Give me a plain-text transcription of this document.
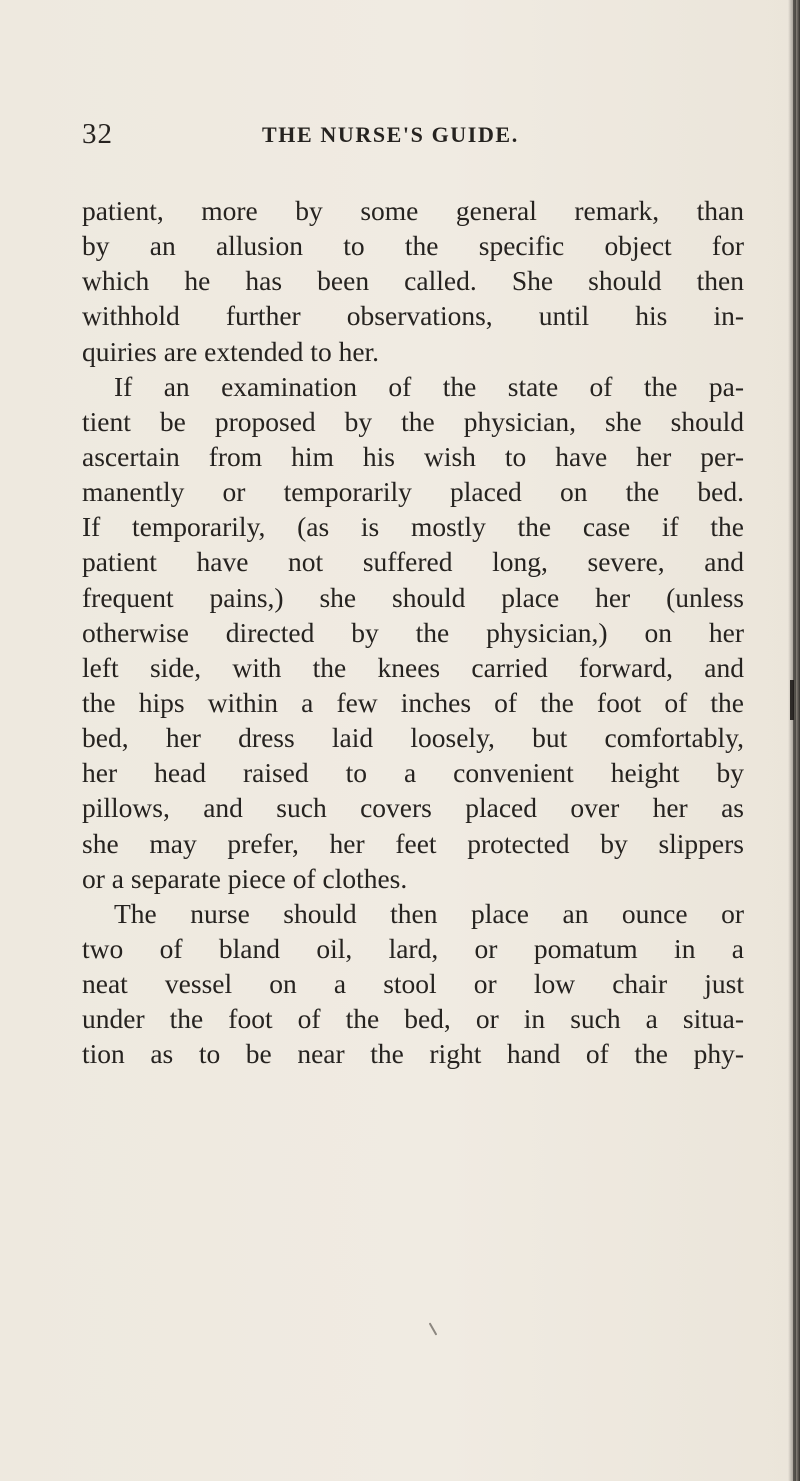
32	THE NURSE'S GUIDE.
patient, more by some general remark, than
by an allusion to the specific object for
which he has been called. She should then
withhold further observations, until his in-
quiries are extended to her.
If an examination of the state of the pa-
tient be proposed by the physician, she should
ascertain from him his wish to have her per-
manently or temporarily placed on the bed.
If temporarily, (as is mostly the case if the
patient have not suffered long, severe, and
frequent pains,) she should place her (unless
otherwise directed by the physician,) on her
left side, with the knees carried forward, and
the hips within a few inches of the foot of the
bed, her dress laid loosely, but comfortably,
her head raised to a convenient height by
pillows, and such covers placed over her as
she may prefer, her feet protected by slippers
or a separate piece of clothes.
The nurse should then place an ounce or
two of bland oil, lard, or pomatum in a
neat vessel on a stool or low chair just
under the foot of the bed, or in such a situa-
tion as to be near the right hand of the phy-
